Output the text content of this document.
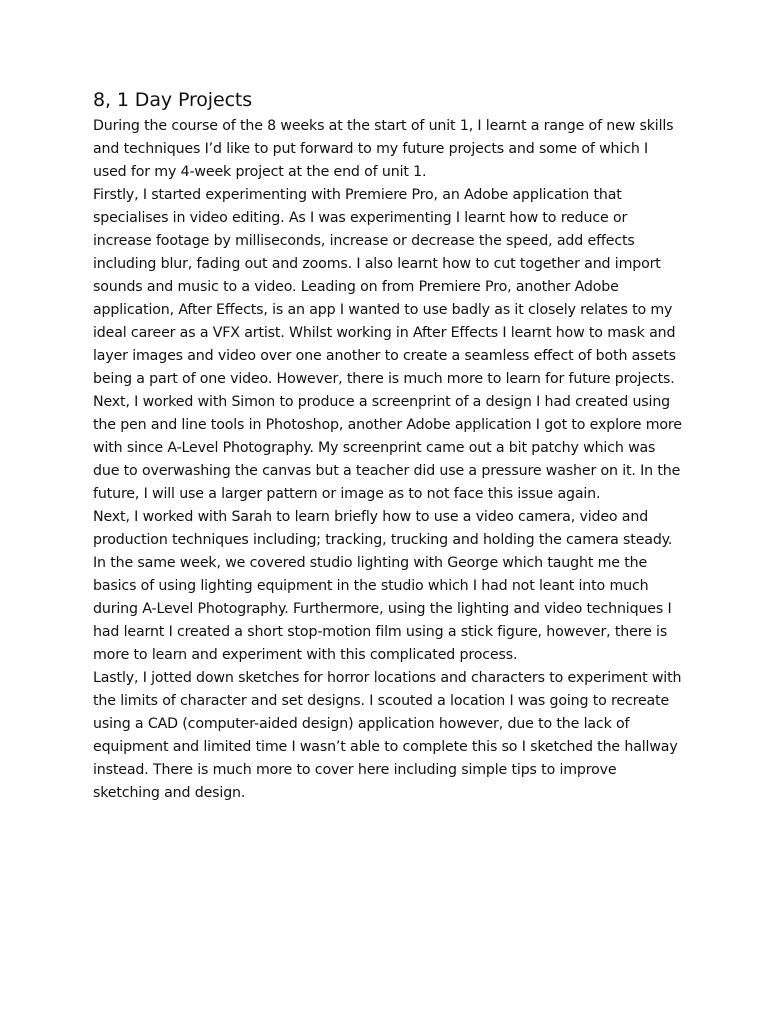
8, 1 Day Projects

During the course of the 8 weeks at the start of unit 1, I learnt a range of new skills and techniques I’d like to put forward to my future projects and some of which I used for my 4-week project at the end of unit 1.

Firstly, I started experimenting with Premiere Pro, an Adobe application that specialises in video editing. As I was experimenting I learnt how to reduce or increase footage by milliseconds, increase or decrease the speed, add effects including blur, fading out and zooms. I also learnt how to cut together and import sounds and music to a video. Leading on from Premiere Pro, another Adobe application, After Effects, is an app I wanted to use badly as it closely relates to my ideal career as a VFX artist. Whilst working in After Effects I learnt how to mask and layer images and video over one another to create a seamless effect of both assets being a part of one video. However, there is much more to learn for future projects.

Next, I worked with Simon to produce a screenprint of a design I had created using the pen and line tools in Photoshop, another Adobe application I got to explore more with since A-Level Photography. My screenprint came out a bit patchy which was due to overwashing the canvas but a teacher did use a pressure washer on it. In the future, I will use a larger pattern or image as to not face this issue again.

Next, I worked with Sarah to learn briefly how to use a video camera, video and production techniques including; tracking, trucking and holding the camera steady. In the same week, we covered studio lighting with George which taught me the basics of using lighting equipment in the studio which I had not leant into much during A-Level Photography. Furthermore, using the lighting and video techniques I had learnt I created a short stop-motion film using a stick figure, however, there is more to learn and experiment with this complicated process.

Lastly, I jotted down sketches for horror locations and characters to experiment with the limits of character and set designs. I scouted a location I was going to recreate using a CAD (computer-aided design) application however, due to the lack of equipment and limited time I wasn’t able to complete this so I sketched the hallway instead. There is much more to cover here including simple tips to improve sketching and design.
